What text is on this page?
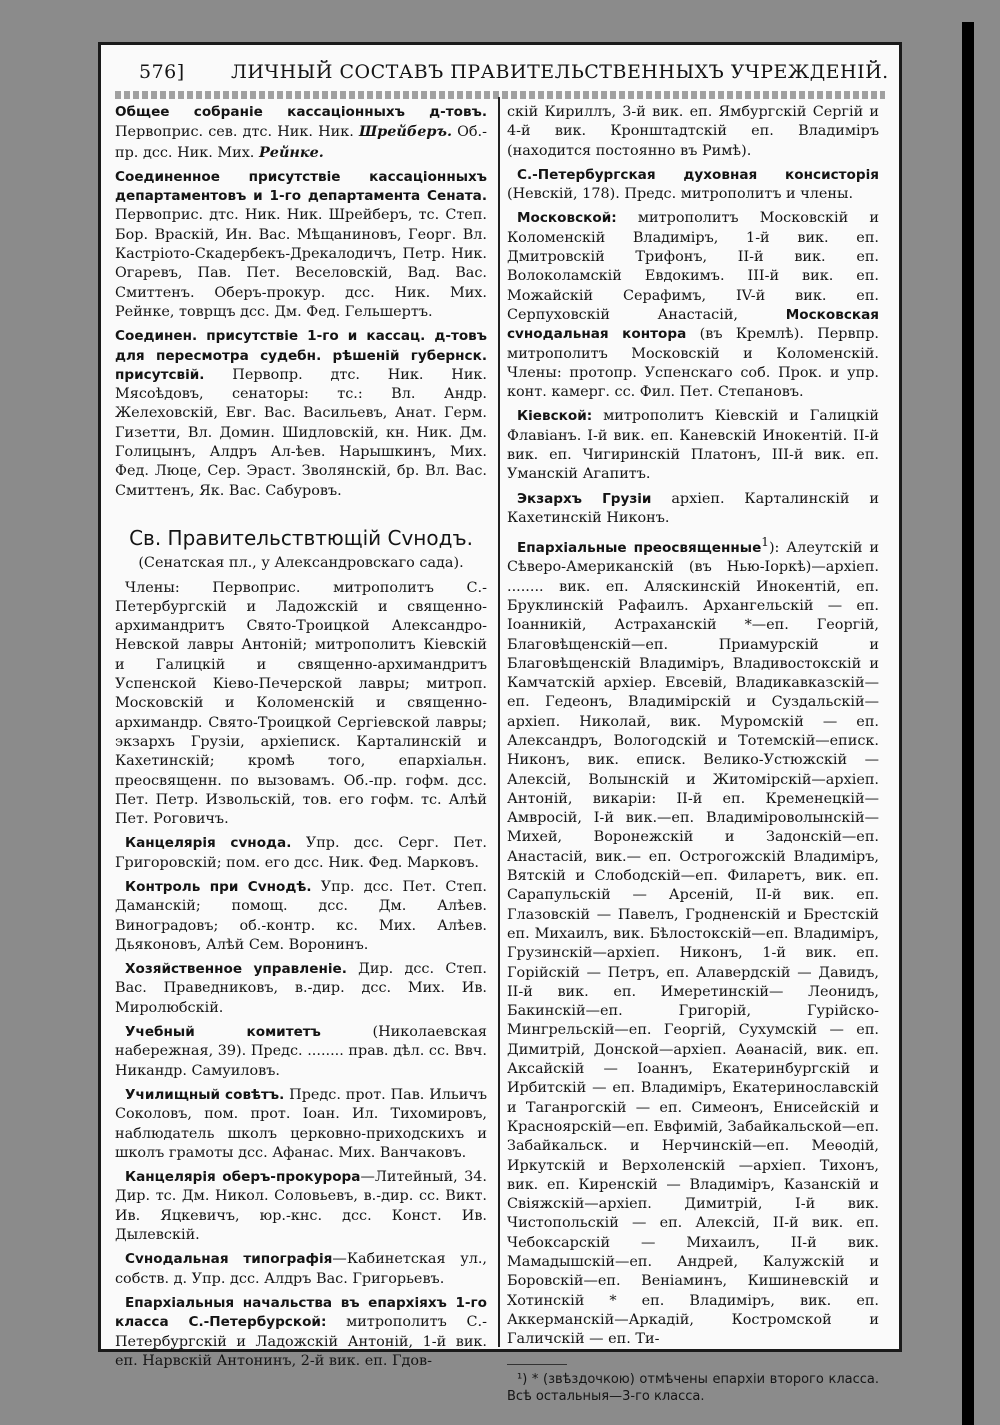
576] ЛИЧНЫЙ СОСТАВЪ ПРАВИТЕЛЬСТВЕННЫХЪ УЧРЕЖДЕНІЙ.

Общее собраніе кассаціонныхъ д-товъ. Первоприс. сев. дтс. Ник. Ник. Шрейберъ. Об.-пр. дсс. Ник. Мих. Рейнке.

Соединенное присутствіе кассаціонныхъ департаментовъ и 1-го департамента Сената. Первоприс. дтс. Ник. Ник. Шрейберъ, тс. Степ. Бор. Враскій, Ин. Вас. Мѣщаниновъ, Георг. Вл. Кастріото-Скадербекъ-Дрекалодичъ, Петр. Ник. Огаревъ, Пав. Пет. Веселовскій, Вад. Вас. Смиттенъ. Оберъ-прокур. дсс. Ник. Мих. Рейнке, товрщъ дсс. Дм. Фед. Гельшертъ.

Соединен. присутствіе 1-го и кассац. д-товъ для пересмотра судебн. рѣшеній губернск. присутсвій. Первопр. дтс. Ник. Ник. Мясоѣдовъ, сенаторы: тс.: Вл. Андр. Желеховскій, Евг. Вас. Васильевъ, Анат. Герм. Гизетти, Вл. Домин. Шидловскій, кн. Ник. Дм. Голицынъ, Алдръ Ал-ѣев. Нарышкинъ, Мих. Фед. Люце, Сер. Эраст. Зволянскій, бр. Вл. Вас. Смиттенъ, Як. Вас. Сабуровъ.

Св. Правительствтющій Сvнодъ.

(Сенатская пл., у Александровскаго сада).

Члены: Первоприс. митрополитъ С.-Петербургскій и Ладожскій и священно-архимандритъ Свято-Троицкой Александро-Невской лавры Антоній; митрополитъ Кіевскій и Галицкій и священно-архимандритъ Успенской Кіево-Печерской лавры; митроп. Московскій и Коломенскій и священно-архимандр. Свято-Троицкой Сергіевской лавры; экзархъ Грузіи, архіеписк. Карталинскій и Кахетинскій; кромѣ того, епархіальн. преосвященн. по вызовамъ. Об.-пр. гофм. дсс. Пет. Петр. Извольскій, тов. его гофм. тс. Алѣй Пет. Роговичъ.

Канцелярія сvнода. Упр. дсс. Серг. Пет. Григоровскій; пом. его дсс. Ник. Фед. Марковъ.

Контроль при Сvнодѣ. Упр. дсс. Пет. Степ. Даманскій; помощ. дсс. Дм. Алѣев. Виноградовъ; об.-контр. кс. Мих. Алѣев. Дьяконовъ, Алѣй Сем. Воронинъ.

Хозяйственное управленіе. Дир. дсс. Степ. Вас. Праведниковъ, в.-дир. дсс. Мих. Ив. Миролюбскій.

Учебный комитетъ (Николаевская набережная, 39). Предс. ........ прав. дѣл. сс. Ввч. Никандр. Самуиловъ.

Училищный совѣтъ. Предс. прот. Пав. Ильичъ Соколовъ, пом. прот. Іоан. Ил. Тихомировъ, наблюдатель школъ церковно-приходскихъ и школъ грамоты дсс. Афанас. Мих. Ванчаковъ.

Канцелярія оберъ-прокурора—Литейный, 34. Дир. тс. Дм. Никол. Соловьевъ, в.-дир. сс. Викт. Ив. Яцкевичъ, юр.-кнс. дсс. Конст. Ив. Дылевскій.

Сvнодальная типографія—Кабинетская ул., собств. д. Упр. дсс. Алдръ Вас. Григорьевъ.

Епархіальныя начальства въ епархіяхъ 1-го класса С.-Петербурской: митрополитъ С.-Петербургскій и Ладожскій Антоній, 1-й вик. еп. Нарвскій Антонинъ, 2-й вик. еп. Гдов-

скій Кириллъ, 3-й вик. еп. Ямбургскій Сергій и 4-й вик. Кронштадтскій еп. Владиміръ (находится постоянно въ Римѣ).

С.-Петербургская духовная консисторія (Невскій, 178). Предс. митрополитъ и члены.

Московской: митрополитъ Московскій и Коломенскій Владиміръ, 1-й вик. еп. Дмитровскій Трифонъ, II-й вик. еп. Волоколамскій Евдокимъ. III-й вик. еп. Можайскій Серафимъ, IV-й вик. еп. Серпуховскій Анастасій, Московская сvнодальная контора (въ Кремлѣ). Первпр. митрополитъ Московскій и Коломенскій. Члены: протопр. Успенскаго соб. Прок. и упр. конт. камерг. сс. Фил. Пет. Степановъ.

Кіевской: митрополитъ Кіевскій и Галицкій Флавіанъ. I-й вик. еп. Каневскій Инокентій. II-й вик. еп. Чигиринскій Платонъ, III-й вик. еп. Уманскій Агапитъ.

Экзархъ Грузіи архіеп. Карталинскій и Кахетинскій Никонъ.

Епархіальные преосвященные$^1$): Алеутскій и Сѣверо-Американскій (въ Нью-Іоркѣ)—архіеп. ........ вик. еп. Аляскинскій Инокентій, еп. Бруклинскій Рафаилъ. Архангельскій — еп. Іоанникій, Астраханскій *—еп. Георгій, Благовѣщенскій—еп. Приамурскій и Благовѣщенскій Владиміръ, Владивостокскій и Камчатскій архіер. Евсевій, Владикавказскій—еп. Гедеонъ, Владимірскій и Суздальскій—архіеп. Николай, вик. Муромскій — еп. Александръ, Вологодскій и Тотемскій—еписк. Никонъ, вик. еписк. Велико-Устюжскій — Алексій, Волынскій и Житомірскій—архіеп. Антоній, викаріи: II-й еп. Кременецкій— Амвросій, I-й вик.—еп. Владиміроволынскій—Михей, Воронежскій и Задонскій—еп. Анастасій, вик.— еп. Острогожскій Владиміръ, Вятскій и Слободскій—еп. Филаретъ, вик. еп. Сарапульскій — Арсеній, II-й вик. еп. Глазовскій — Павелъ, Гродненскій и Брестскій еп. Михаилъ, вик. Бѣлостокскій—еп. Владиміръ, Грузинскій—архіеп. Никонъ, 1-й вик. еп. Горійскій — Петръ, еп. Алавердскій — Давидъ, II-й вик. еп. Имеретинскій— Леонидъ, Бакинскій—еп. Григорій, Гурійско-Мингрельскій—еп. Георгій, Сухумскій — еп. Димитрій, Донской—архіеп. Аѳанасій, вик. еп. Аксайскій — Іоаннъ, Екатеринбургскій и Ирбитскій — еп. Владиміръ, Екатеринославскій и Таганрогскій — еп. Симеонъ, Енисейскій и Красноярскій—еп. Евфимій, Забайкальской—еп. Забайкальск. и Нерчинскій—еп. Меѳодій, Иркутскій и Верхоленскій —архіеп. Тихонъ, вик. еп. Киренскій — Владиміръ, Казанскій и Свіяжскій—архіеп. Димитрій, I-й вик. Чистопольскій — еп. Алексій, II-й вик. еп. Чебоксарскій — Михаилъ, II-й вик. Мамадышскій—еп. Андрей, Калужскій и Боровскій—еп. Веніаминъ, Кишиневскій и Хотинскій * еп. Владиміръ, вик. еп. Аккерманскій—Аркадій, Костромской и Галичскій — еп. Ти-

¹) * (звѣздочкою) отмѣчены епархіи второго класса. Всѣ остальныя—3-го класса.
